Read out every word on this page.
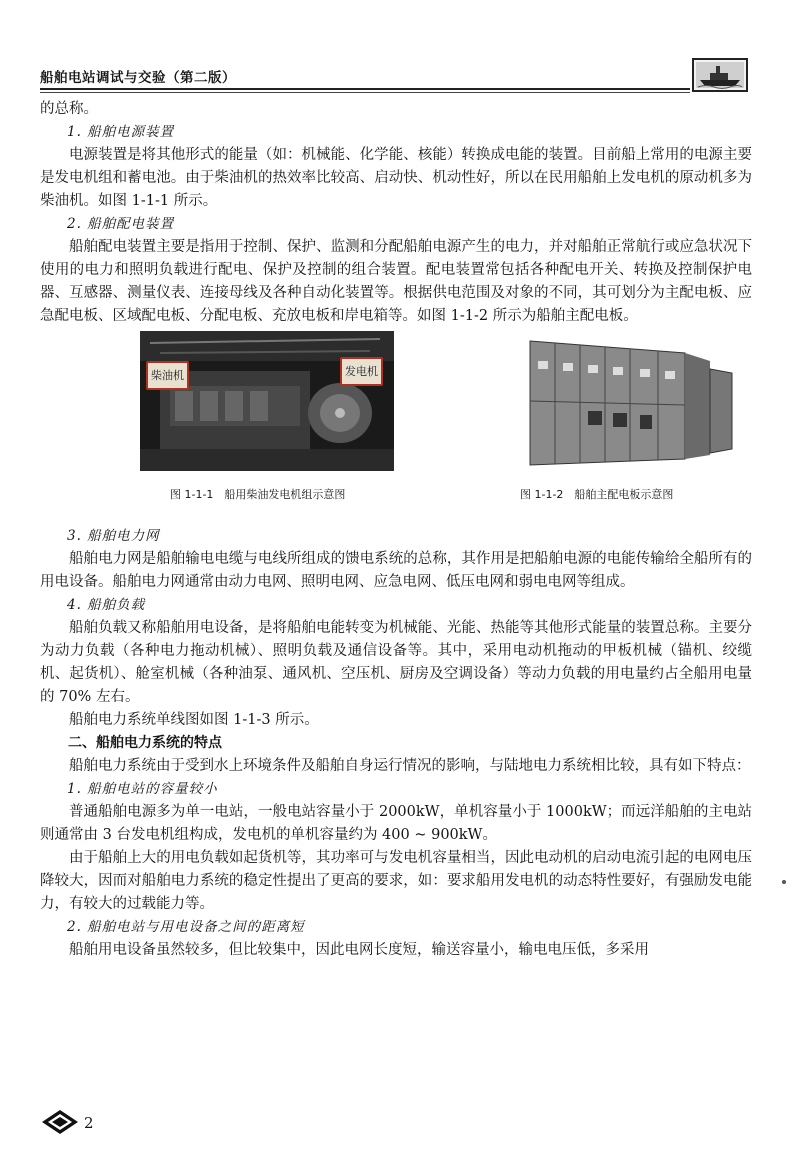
船舶电站调试与交验（第二版）

的总称。

1. 船舶电源装置

电源装置是将其他形式的能量（如：机械能、化学能、核能）转换成电能的装置。目前船上常用的电源主要是发电机组和蓄电池。由于柴油机的热效率比较高、启动快、机动性好，所以在民用船舶上发电机的原动机多为柴油机。如图 1-1-1 所示。

2. 船舶配电装置

船舶配电装置主要是指用于控制、保护、监测和分配船舶电源产生的电力，并对船舶正常航行或应急状况下使用的电力和照明负载进行配电、保护及控制的组合装置。配电装置常包括各种配电开关、转换及控制保护电器、互感器、测量仪表、连接母线及各种自动化装置等。根据供电范围及对象的不同，其可划分为主配电板、应急配电板、区域配电板、分配电板、充放电板和岸电箱等。如图 1-1-2 所示为船舶主配电板。

柴油机	发电机
图 1-1-1　船用柴油发电机组示意图	图 1-1-2　船舶主配电板示意图

3. 船舶电力网

船舶电力网是船舶输电电缆与电线所组成的馈电系统的总称，其作用是把船舶电源的电能传输给全船所有的用电设备。船舶电力网通常由动力电网、照明电网、应急电网、低压电网和弱电电网等组成。

4. 船舶负载

船舶负载又称船舶用电设备，是将船舶电能转变为机械能、光能、热能等其他形式能量的装置总称。主要分为动力负载（各种电力拖动机械）、照明负载及通信设备等。其中，采用电动机拖动的甲板机械（锚机、绞缆机、起货机）、舱室机械（各种油泵、通风机、空压机、厨房及空调设备）等动力负载的用电量约占全船用电量的 70% 左右。

船舶电力系统单线图如图 1-1-3 所示。

二、船舶电力系统的特点

船舶电力系统由于受到水上环境条件及船舶自身运行情况的影响，与陆地电力系统相比较，具有如下特点：

1. 船舶电站的容量较小

普通船舶电源多为单一电站，一般电站容量小于 2000kW，单机容量小于 1000kW；而远洋船舶的主电站则通常由 3 台发电机组构成，发电机的单机容量约为 400 ~ 900kW。

由于船舶上大的用电负载如起货机等，其功率可与发电机容量相当，因此电动机的启动电流引起的电网电压降较大，因而对船舶电力系统的稳定性提出了更高的要求，如：要求船用发电机的动态特性要好，有强励发电能力，有较大的过载能力等。

2. 船舶电站与用电设备之间的距离短

船舶用电设备虽然较多，但比较集中，因此电网长度短，输送容量小，输电电压低，多采用

2
